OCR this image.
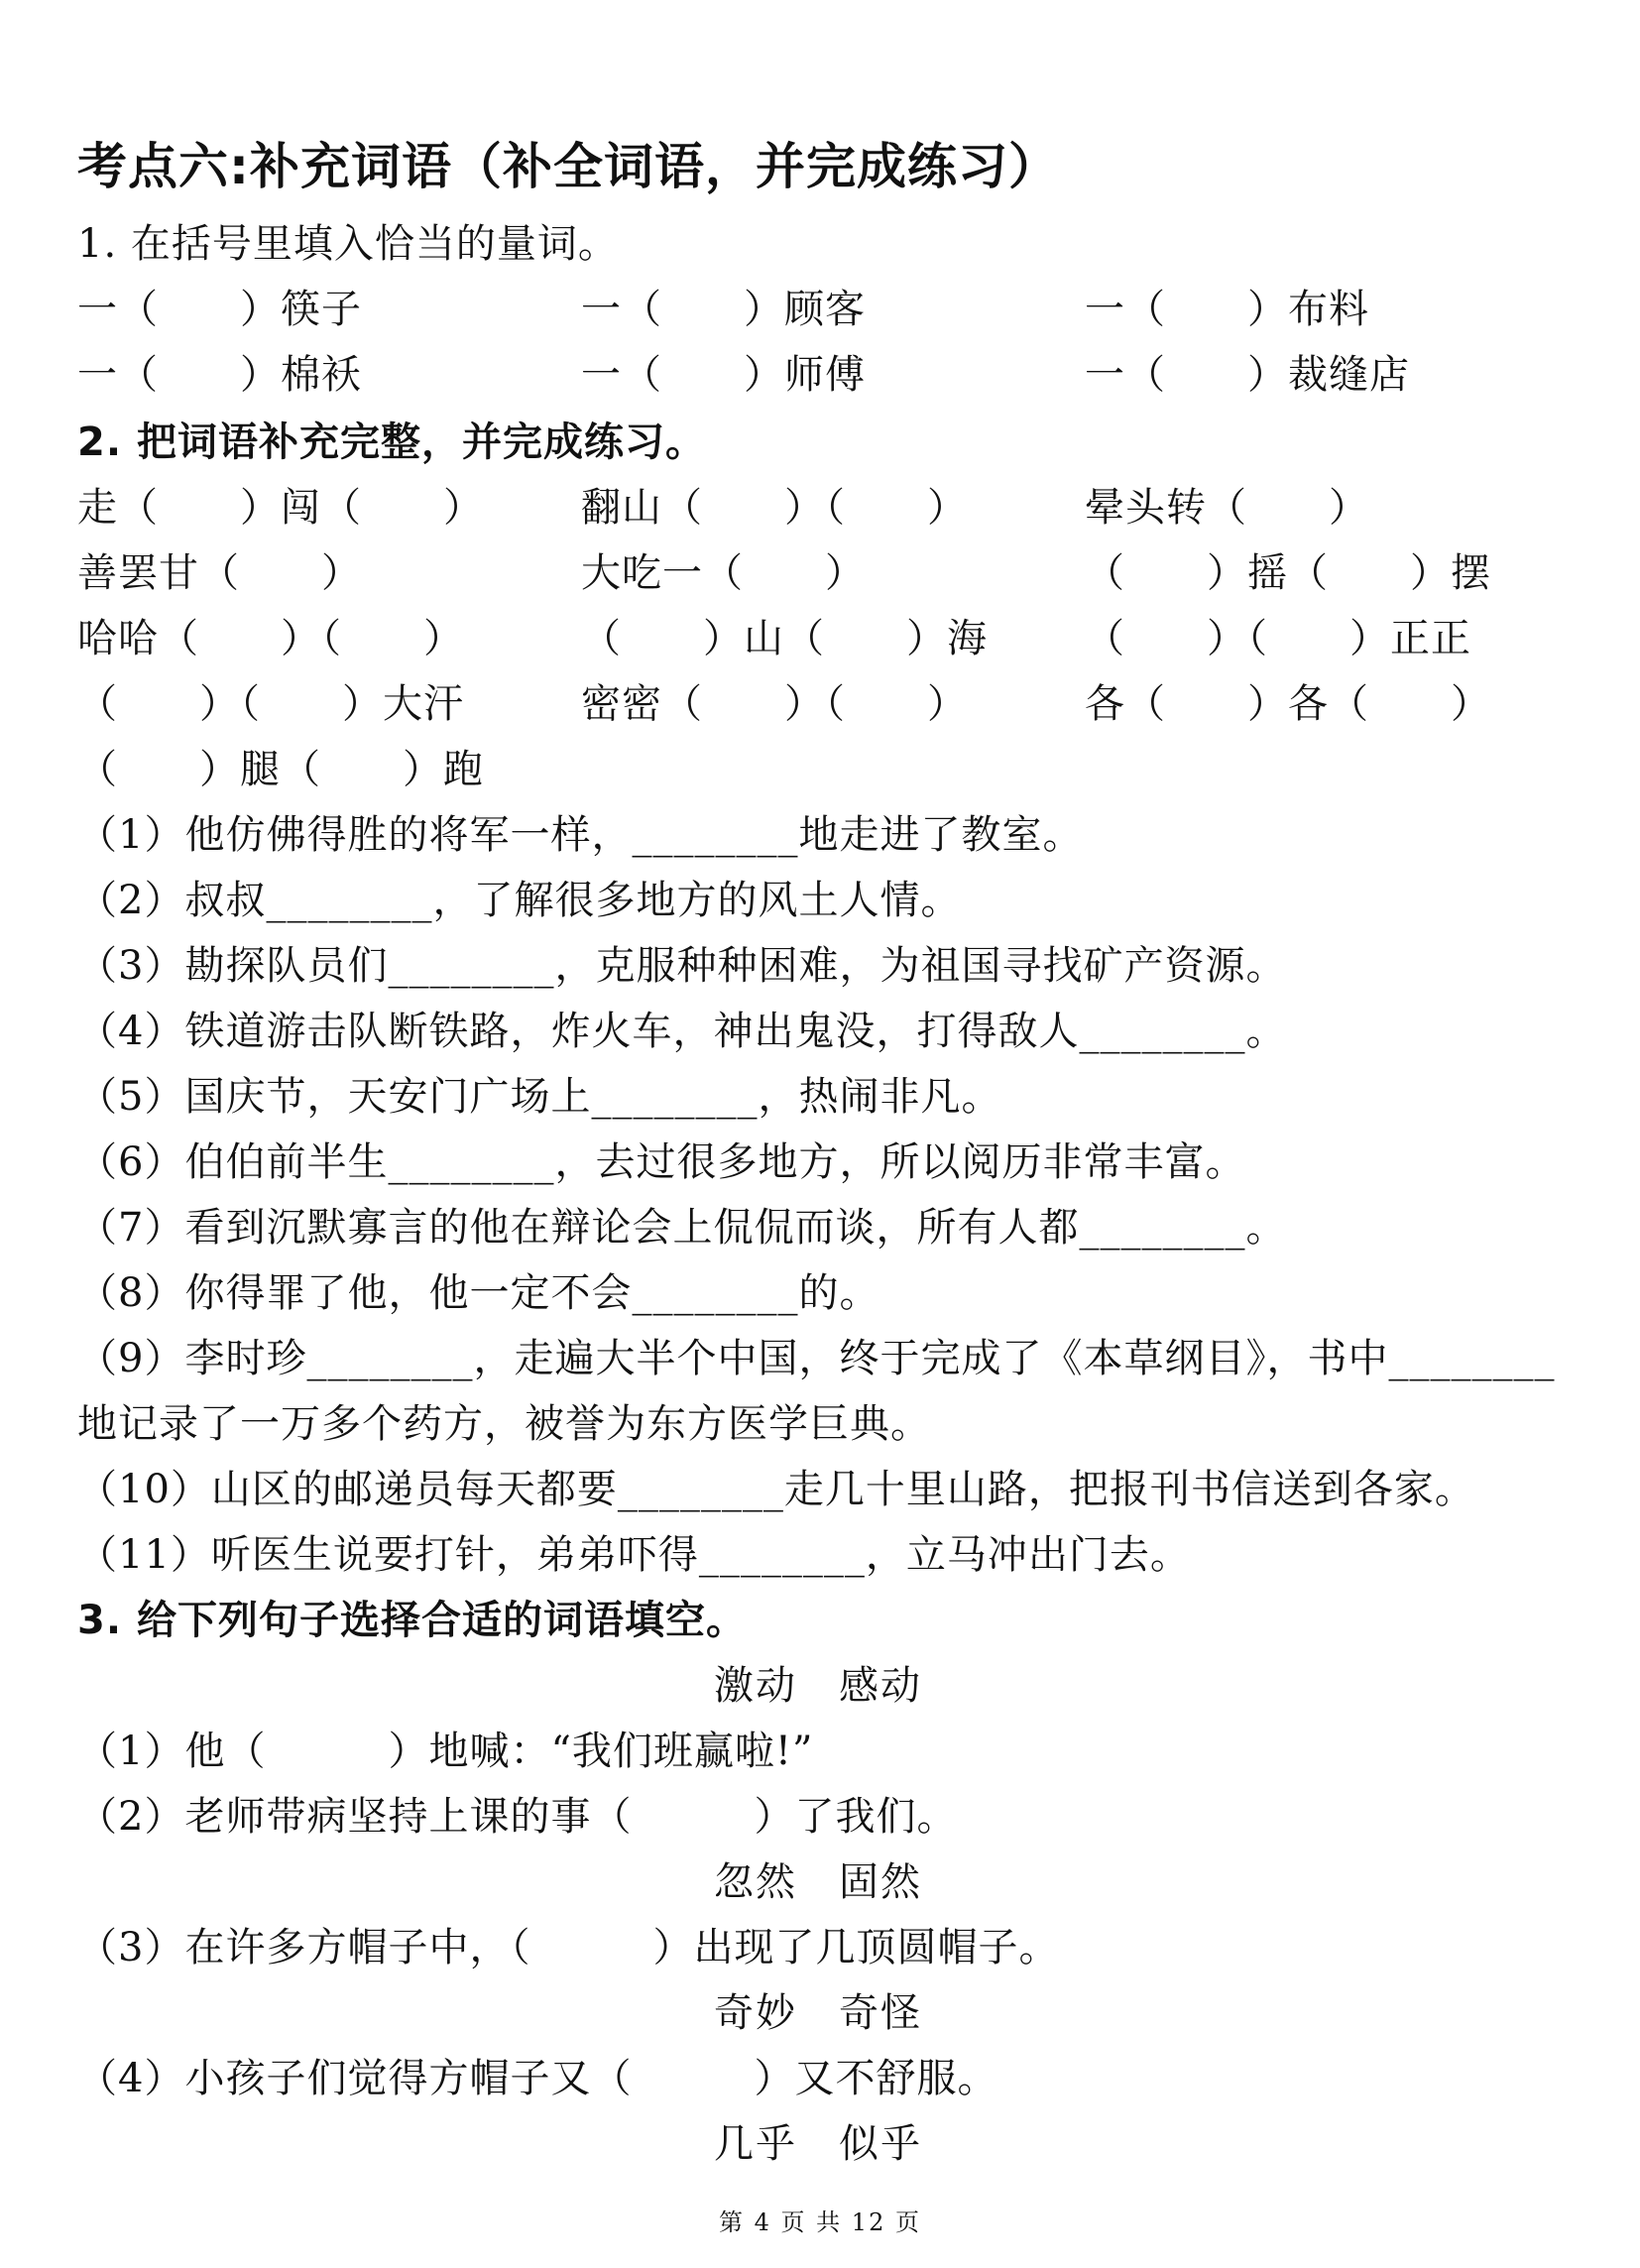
考点六:补充词语（补全词语，并完成练习）
1. 在括号里填入恰当的量词。
一（　　）筷子	一（　　）顾客	一（　　）布料
一（　　）棉袄	一（　　）师傅	一（　　）裁缝店
2. 把词语补充完整，并完成练习。
走（　　）闯（　　） 翻山（　　）（　　）	晕头转（　　）
善罢甘（　　）	大吃一（　　）	（　　）摇（　　）摆
哈哈（　　）（　　）	（　　）山（　　）海 （　　）（　　）正正
（　　）（　　）大汗	密密（　　）（　　）	各（　　）各（　　）
（　　）腿（　　）跑
（1）他仿佛得胜的将军一样，________地走进了教室。
（2）叔叔________，了解很多地方的风土人情。
（3）勘探队员们________，克服种种困难，为祖国寻找矿产资源。
（4）铁道游击队断铁路，炸火车，神出鬼没，打得敌人________。
（5）国庆节，天安门广场上________，热闹非凡。
（6）伯伯前半生________，去过很多地方，所以阅历非常丰富。
（7）看到沉默寡言的他在辩论会上侃侃而谈，所有人都________。
（8）你得罪了他，他一定不会________的。
（9）李时珍________，走遍大半个中国，终于完成了《本草纲目》，书中________
地记录了一万多个药方，被誉为东方医学巨典。
（10）山区的邮递员每天都要________走几十里山路，把报刊书信送到各家。
（11）听医生说要打针，弟弟吓得________，立马冲出门去。
3. 给下列句子选择合适的词语填空。
激动　感动
（1）他（　　　）地喊：“我们班赢啦!”
（2）老师带病坚持上课的事（　　　）了我们。
忽然　固然
（3）在许多方帽子中，（　　　）出现了几顶圆帽子。
奇妙　奇怪
（4）小孩子们觉得方帽子又（　　　）又不舒服。
几乎　似乎
第 4 页 共 12 页
